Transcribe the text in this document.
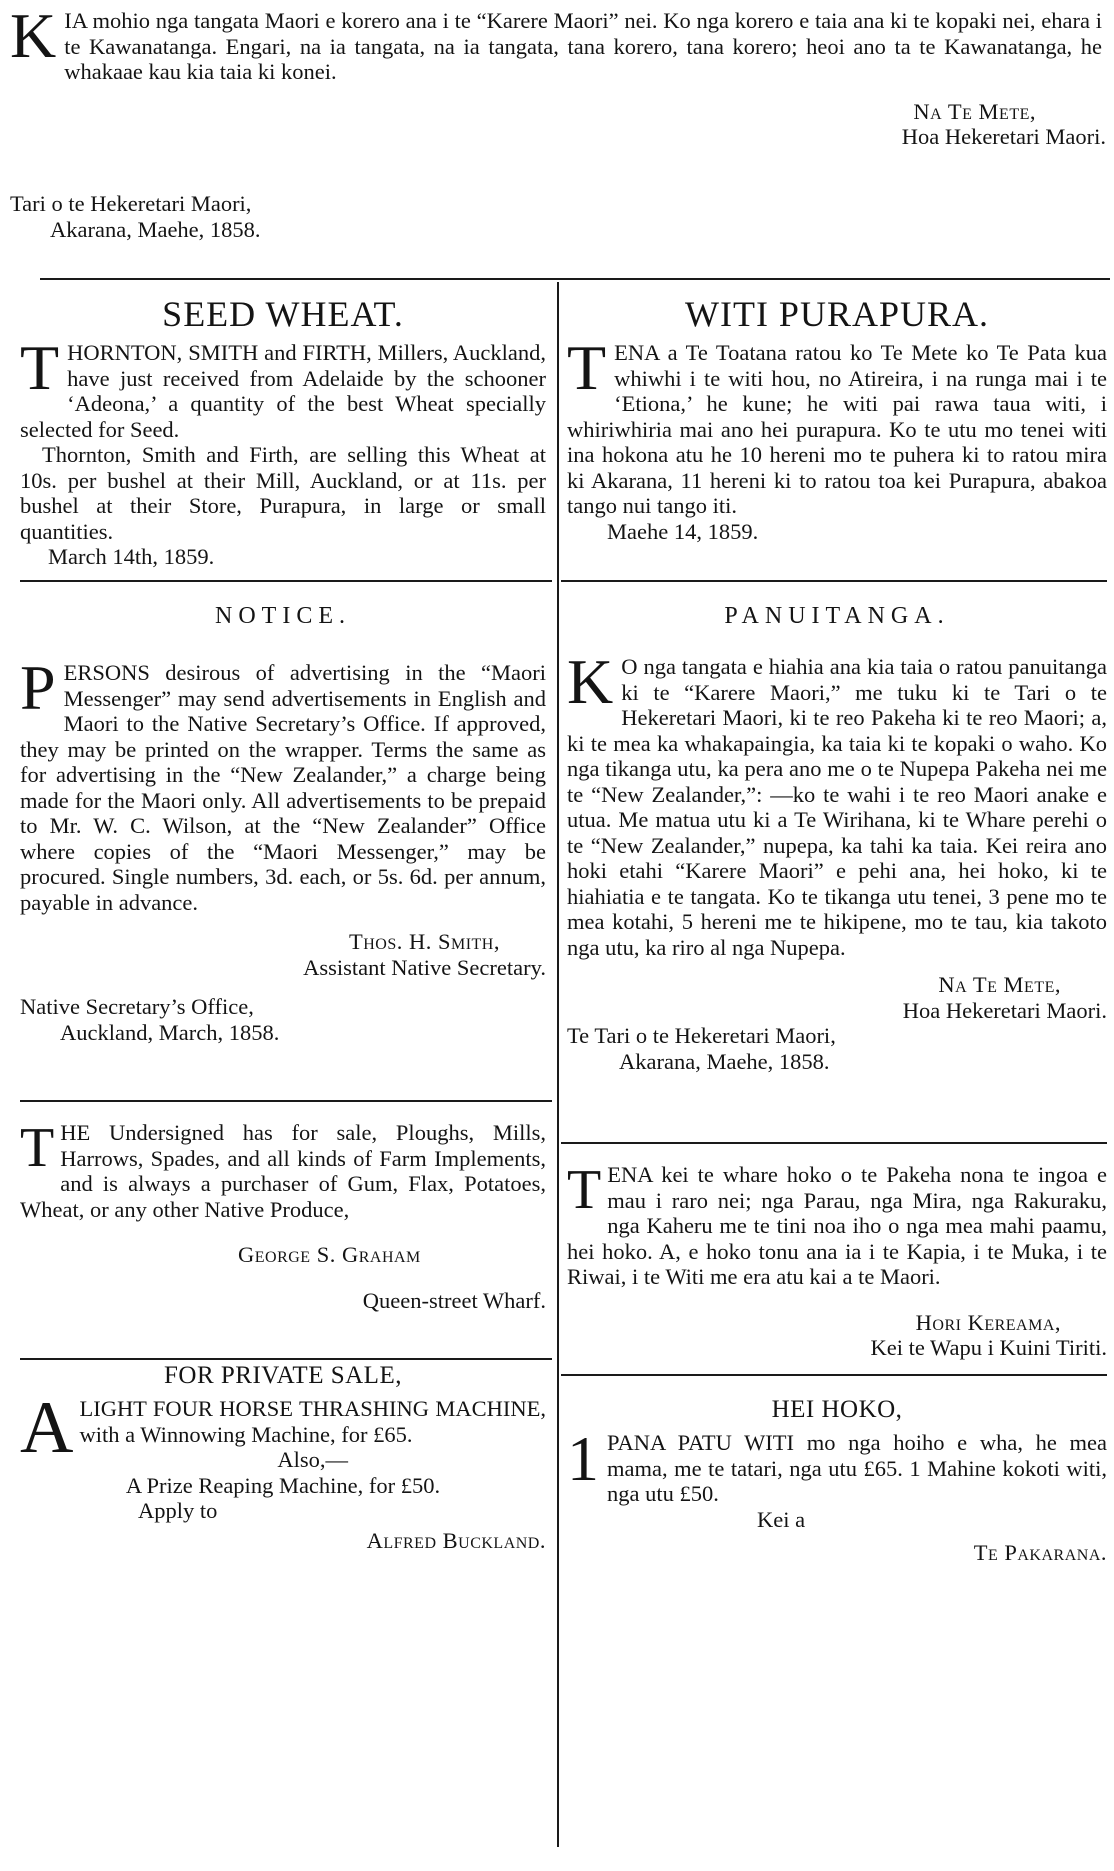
KIA mohio nga tangata Maori e korero ana i te “Karere Maori” nei. Ko nga korero e taia ana ki te kopaki nei, ehara i te Kawanatanga. Engari, na ia tangata, na ia tangata, tana korero, tana korero; heoi ano ta te Kawanatanga, he whakaae kau kia taia ki konei.
Na Te Mete,
Hoa Hekeretari Maori.
Tari o te Hekeretari Maori,
Akarana, Maehe, 1858.
SEED WHEAT.

THORNTON, SMITH and FIRTH, Millers, Auckland, have just received from Adelaide by the schooner ‘Adeona,’ a quantity of the best Wheat specially selected for Seed.

Thornton, Smith and Firth, are selling this Wheat at 10s. per bushel at their Mill, Auckland, or at 11s. per bushel at their Store, Purapura, in large or small quantities.

March 14th, 1859.
NOTICE.

PERSONS desirous of advertising in the “Maori Messenger” may send advertisements in English and Maori to the Native Secretary’s Office. If approved, they may be printed on the wrapper. Terms the same as for advertising in the “New Zealander,” a charge being made for the Maori only. All advertisements to be prepaid to Mr. W. C. Wilson, at the “New Zealander” Office where copies of the “Maori Messenger,” may be procured. Single numbers, 3d. each, or 5s. 6d. per annum, payable in advance.

Thos. H. Smith,
Assistant Native Secretary.
Native Secretary’s Office,
Auckland, March, 1858.

THE Undersigned has for sale, Ploughs, Mills, Harrows, Spades, and all kinds of Farm Implements, and is always a purchaser of Gum, Flax, Potatoes, Wheat, or any other Native Produce,

George S. Graham
Queen-street Wharf.
FOR PRIVATE SALE,

ALIGHT FOUR HORSE THRASHING MACHINE, with a Winnowing Machine, for £65.

Also,—
A Prize Reaping Machine, for £50.
Apply to
Alfred Buckland.
WITI PURAPURA.

TENA a Te Toatana ratou ko Te Mete ko Te Pata kua whiwhi i te witi hou, no Atireira, i na runga mai i te ‘Etiona,’ he kune; he witi pai rawa taua witi, i whiriwhiria mai ano hei purapura. Ko te utu mo tenei witi ina hokona atu he 10 hereni mo te puhera ki to ratou mira ki Akarana, 11 hereni ki to ratou toa kei Purapura, abakoa tango nui tango iti.

Maehe 14, 1859.
PANUITANGA.

K O nga tangata e hiahia ana kia taia o ratou panuitanga ki te “Karere Maori,” me tuku ki te Tari o te Hekeretari Maori, ki te reo Pakeha ki te reo Maori; a, ki te mea ka whakapaingia, ka taia ki te kopaki o waho. Ko nga tikanga utu, ka pera ano me o te Nupepa Pakeha nei me te “New Zealander,”: —ko te wahi i te reo Maori anake e utua. Me matua utu ki a Te Wirihana, ki te Whare perehi o te “New Zealander,” nupepa, ka tahi ka taia. Kei reira ano hoki etahi “Karere Maori” e pehi ana, hei hoko, ki te hiahiatia e te tangata. Ko te tikanga utu tenei, 3 pene mo te mea kotahi, 5 hereni me te hikipene, mo te tau, kia takoto nga utu, ka riro al nga Nupepa.

Na Te Mete,
Hoa Hekeretari Maori.
Te Tari o te Hekeretari Maori,
Akarana, Maehe, 1858.

TENA kei te whare hoko o te Pakeha nona te ingoa e mau i raro nei; nga Parau, nga Mira, nga Rakuraku, nga Kaheru me te tini noa iho o nga mea mahi paamu, hei hoko. A, e hoko tonu ana ia i te Kapia, i te Muka, i te Riwai, i te Witi me era atu kai a te Maori.

Hori Kereama,
Kei te Wapu i Kuini Tiriti.
HEI HOKO,

1 PANA PATU WITI mo nga hoiho e wha, he mea mama, me te tatari, nga utu £65. 1 Mahine kokoti witi, nga utu £50.

Kei a
Te Pakarana.
